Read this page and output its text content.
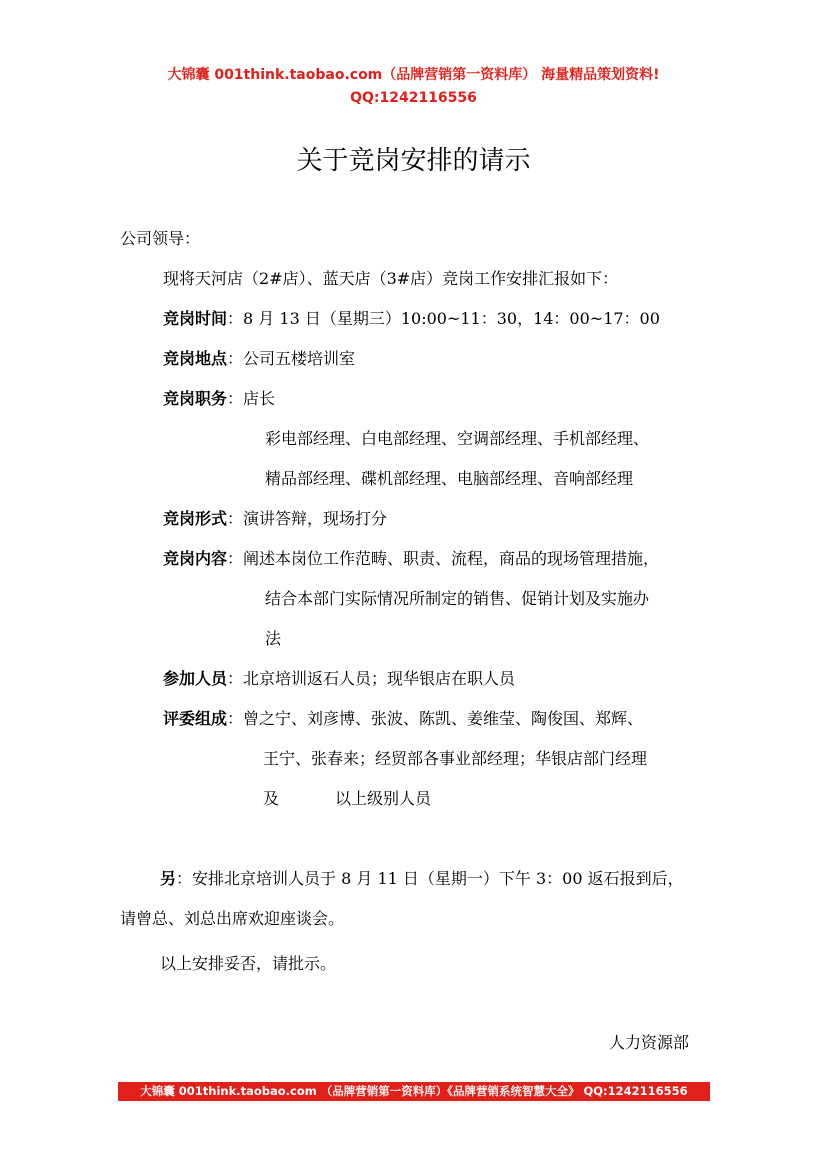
大锦囊 001think.taobao.com（品牌营销第一资料库） 海量精品策划资料!
QQ:1242116556
关于竞岗安排的请示
公司领导：
现将天河店（2#店）、蓝天店（3#店）竞岗工作安排汇报如下：
竞岗时间：8 月 13 日（星期三）10:00~11：30，14：00~17：00
竞岗地点：公司五楼培训室
竞岗职务：店长
彩电部经理、白电部经理、空调部经理、手机部经理、
精品部经理、碟机部经理、电脑部经理、音响部经理
竞岗形式：演讲答辩，现场打分
竞岗内容：阐述本岗位工作范畴、职责、流程，商品的现场管理措施，
结合本部门实际情况所制定的销售、促销计划及实施办
法
参加人员：北京培训返石人员；现华银店在职人员
评委组成：曾之宁、刘彦博、张波、陈凯、姜维莹、陶俊国、郑辉、
王宁、张春来；经贸部各事业部经理；华银店部门经理
及	以上级别人员
另：安排北京培训人员于 8 月 11 日（星期一）下午 3：00 返石报到后，
请曾总、刘总出席欢迎座谈会。
以上安排妥否，请批示。
人力资源部
大锦囊 001think.taobao.com （品牌营销第一资料库）《品牌营销系统智慧大全》 QQ:1242116556
